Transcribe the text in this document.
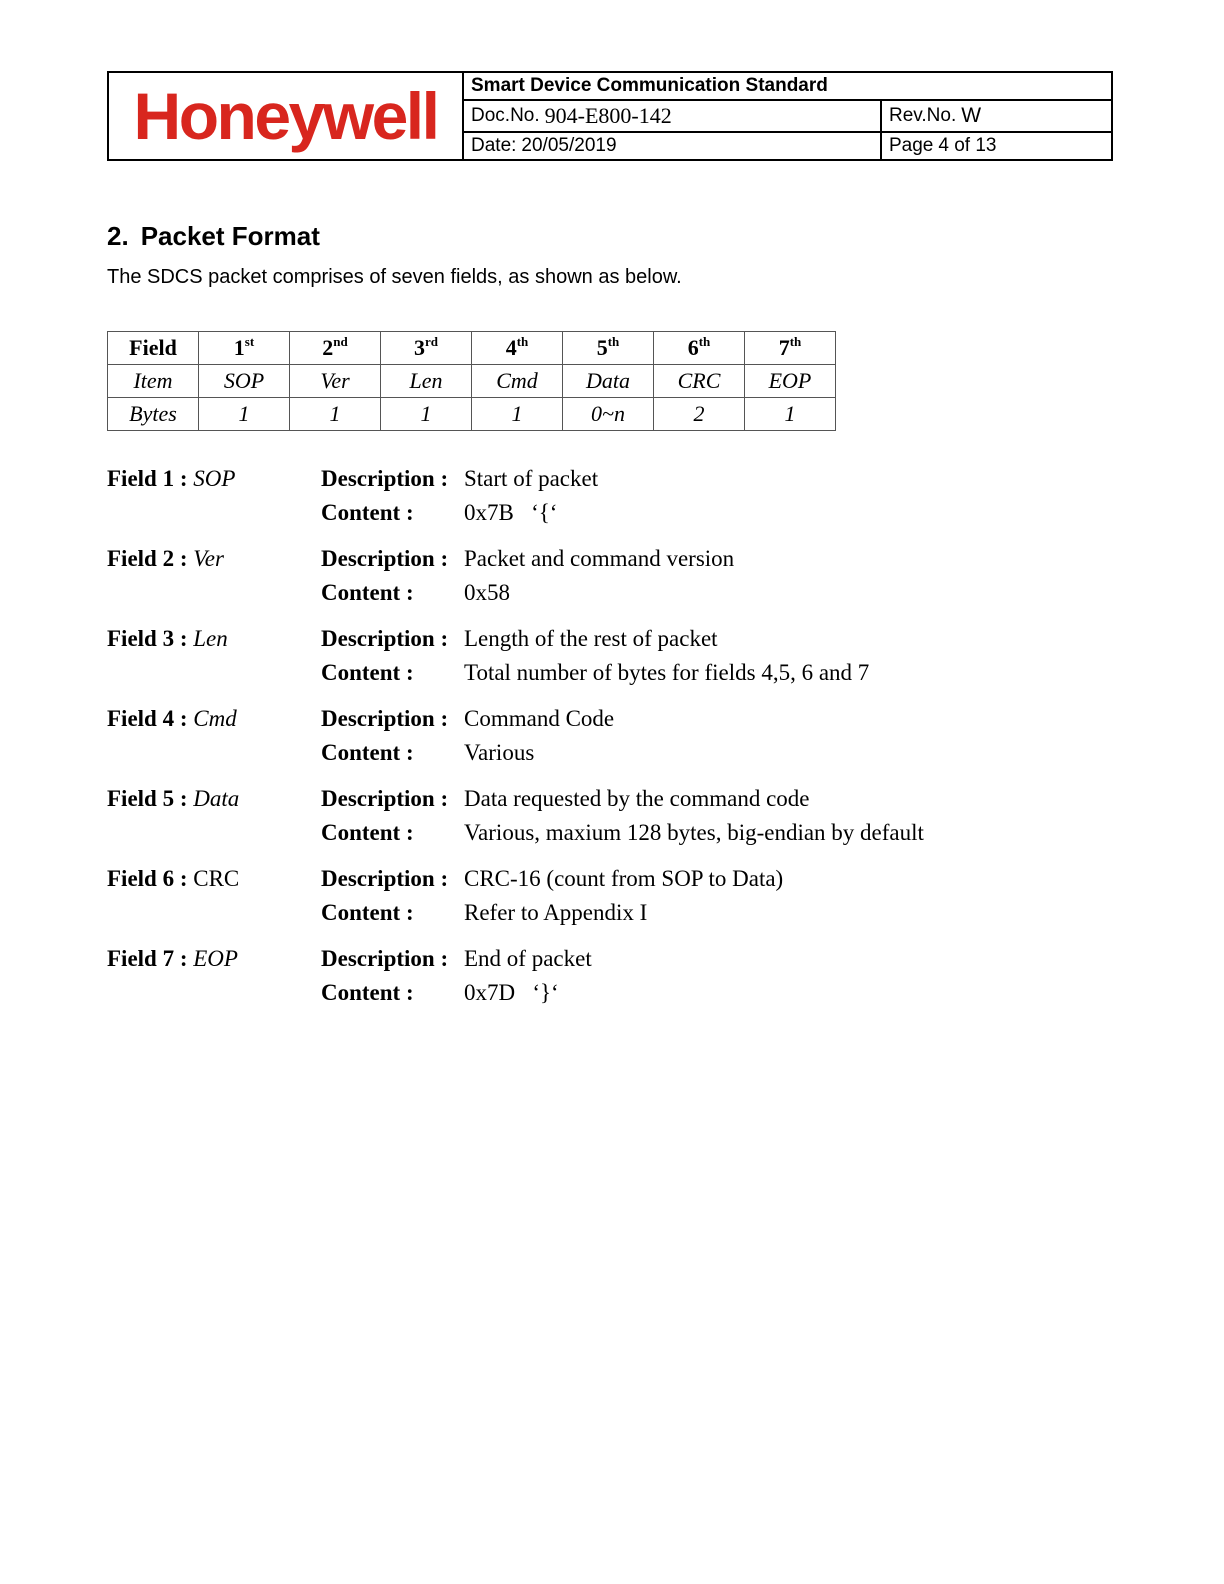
Honeywell	Smart Device Communication Standard
Doc.No. 904-E800-142	Rev.No. W
Date: 20/05/2019	Page 4 of 13
2. Packet Format

The SDCS packet comprises of seven fields, as shown as below.

Field	1st	2nd	3rd	4th	5th	6th	7th
Item	SOP	Ver	Len	Cmd	Data	CRC	EOP
Bytes	1	1	1	1	0~n	2	1
Field 1 : SOP	Description : Start of packet
Content : 0x7B   ‘{‘
Field 2 : Ver	Description : Packet and command version
Content : 0x58
Field 3 : Len	Description : Length of the rest of packet
Content : Total number of bytes for fields 4,5, 6 and 7
Field 4 : Cmd	Description : Command Code
Content : Various
Field 5 : Data	Description : Data requested by the command code
Content : Various, maxium 128 bytes, big-endian by default
Field 6 : CRC	Description : CRC-16 (count from SOP to Data)
Content : Refer to Appendix I
Field 7 : EOP	Description : End of packet
Content : 0x7D   ‘}‘
